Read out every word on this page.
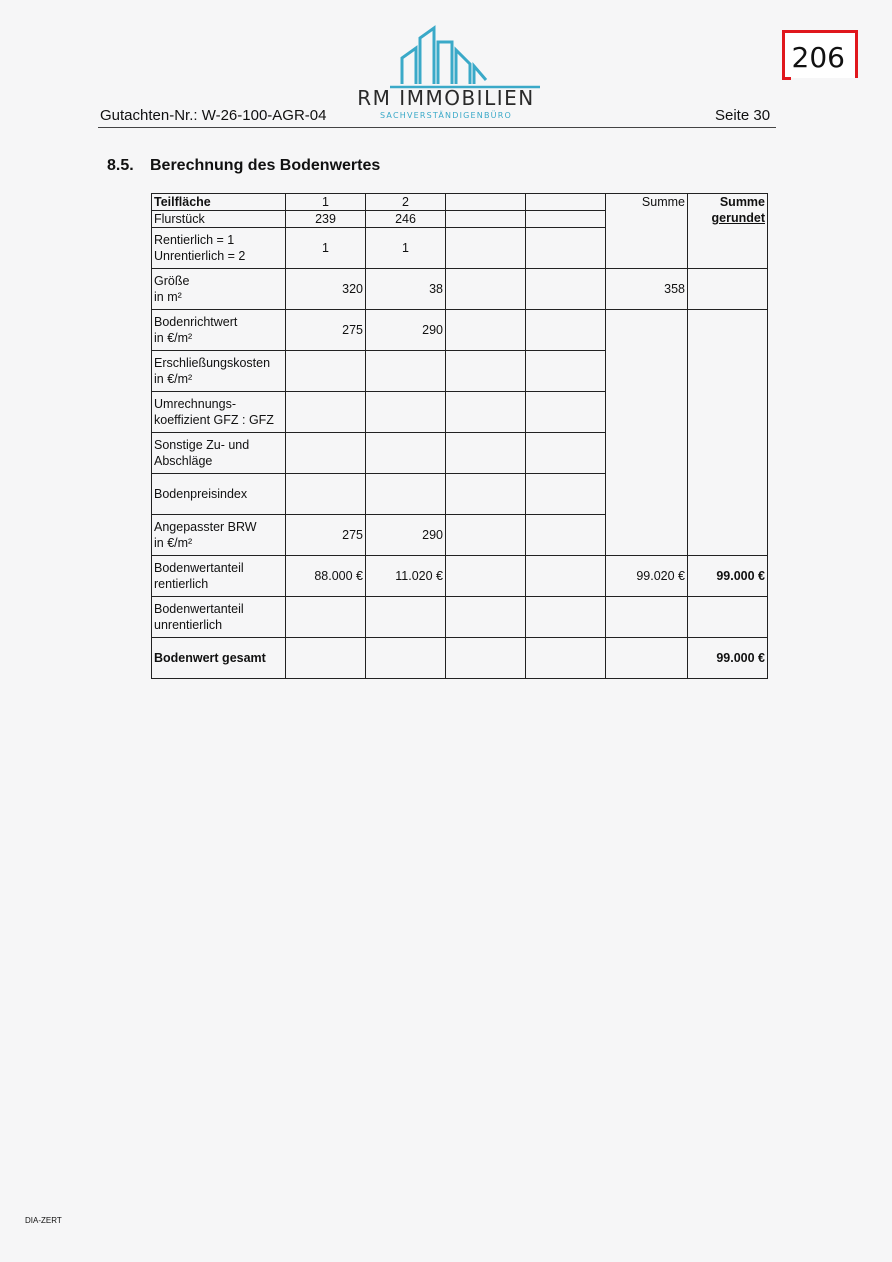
206
RM IMMOBILIEN
SACHVERSTÄNDIGENBÜRO
Gutachten-Nr.: W-26-100-AGR-04	Seite 30
8.5. Berechnung des Bodenwertes
Teilfläche	1	2			Summe	Summe
gerundet

Flurstück	239	246				

Rentierlich = 1
Unrentierlich = 2	1	1				

Größe
in m²	320	38			358	

Bodenrichtwert
in €/m²	275	290				

Erschließungskosten
in €/m²						

Umrechnungs-
koeffizient GFZ : GFZ						

Sonstige Zu- und
Abschläge						

Bodenpreisindex						

Angepasster BRW
in €/m²	275	290				

Bodenwertanteil
rentierlich	88.000 €	11.020 €			99.020 €	99.000 €

Bodenwertanteil
unrentierlich						

Bodenwert gesamt						99.000 €
DIA-ZERT
